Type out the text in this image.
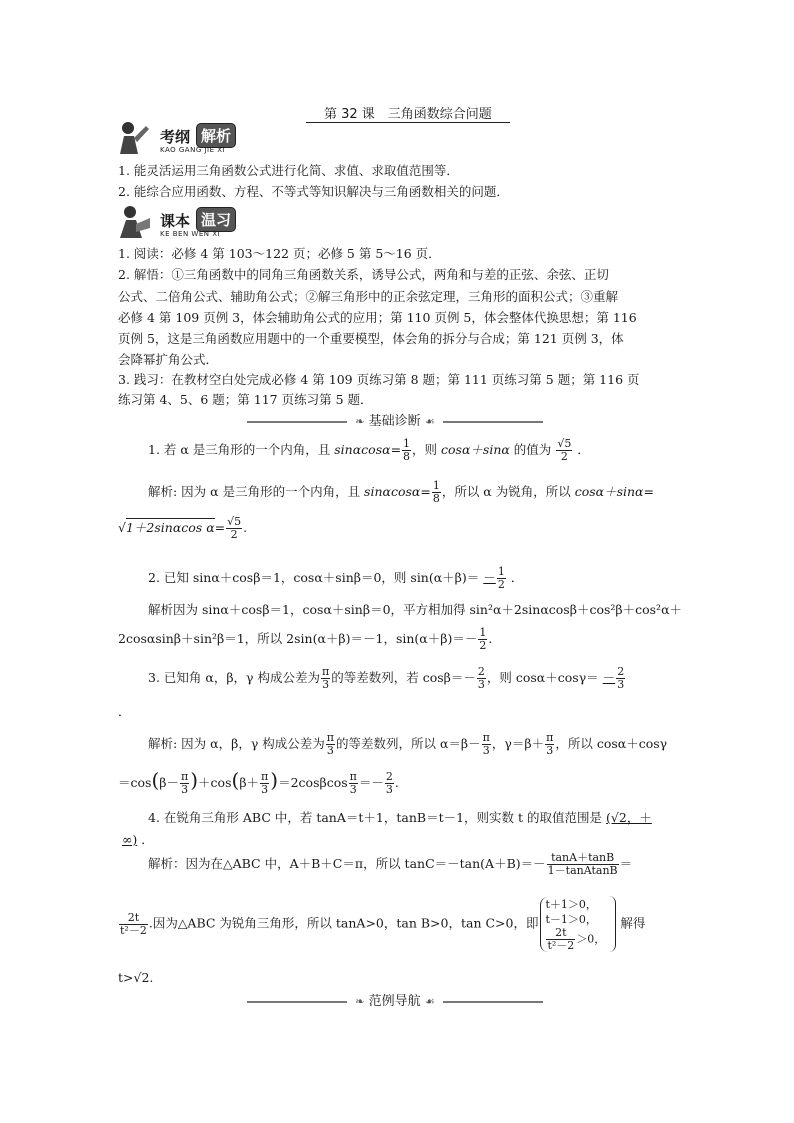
第 32 课　三角函数综合问题
考纲 解析
KAO GANG JIE XI

1. 能灵活运用三角函数公式进行化简、求值、求取值范围等．

2. 能综合应用函数、方程、不等式等知识解决与三角函数相关的问题．

课本 温习
KE BEN WEN XI

1. 阅读：必修 4 第 103～122 页；必修 5 第 5～16 页．

2. 解悟：①三角函数中的同角三角函数关系，诱导公式，两角和与差的正弦、余弦、正切

公式、二倍角公式、辅助角公式；②解三角形中的正余弦定理，三角形的面积公式；③重解

必修 4 第 109 页例 3，体会辅助角公式的应用；第 110 页例 5，体会整体代换思想；第 116

页例 5，这是三角函数应用题中的一个重要模型，体会角的拆分与合成；第 121 页例 3，体

会降幂扩角公式．

3. 践习：在教材空白处完成必修 4 第 109 页练习第 8 题；第 111 页练习第 5 题；第 116 页

练习第 4、5、6 题；第 117 页练习第 5 题．

❧ 基础诊断 ☙

1. 若 α 是三角形的一个内角，且 $\sin\alpha\cos\alpha= \frac{1}{8}$ ，则 cosα＋sinα 的值为 $\frac{√5}{2}$ ．

解析: 因为 α 是三角形的一个内角，且 $\sin\alpha\cos\alpha= \frac{1}{8}$ ，所以 α 为锐角，所以 cosα＋sinα=

√1＋2sinαcos $\alpha= \frac{√5}{2}$ .

2. 已知 sinα＋cosβ＝1，cosα＋sinβ＝0，则 $\sin(\alpha+\beta)= - \frac{1}{2}$ ．

解析因为 sinα＋cosβ＝1，cosα＋sinβ＝0，平方相加得 sin²α＋2sinαcosβ＋cos²β＋cos²α＋

2cosαsinβ＋sin²β＝1，所以 2sin(α＋β)＝－1，$\sin(\alpha+\beta)=- \frac{1}{2}$ .

3. 已知角 α，β，γ 构成公差为 $\frac{\pi}{3}$ 的等差数列，若 $\cos\beta=- \frac{2}{3}$ ，则 $\cos\alpha+\cos\gamma= - \frac{2}{3}$

．

解析: 因为 α，β，γ 构成公差为 $\frac{\pi}{3}$ 的等差数列，所以 $\alpha=\beta- \frac{\pi}{3}$ ，$\gamma=\beta+ \frac{\pi}{3}$ ，所以 cosα＋cosγ

$=\cos(\beta- \frac{\pi}{3} )+\cos(\beta+ \frac{\pi}{3} )=2\cos\beta\cos \frac{\pi}{3} =- \frac{2}{3}$ .

4. 在锐角三角形 ABC 中，若 tanA＝t＋1，tanB＝t－1，则实数 t 的取值范围是 (√2，＋

∞) ．

解析：因为在△ABC 中，A＋B＋C＝π，所以 $\tan C=-\tan(A+B)=- \frac{\tan A+\tan B}{\text{1－tanAtanB}}$ ＝

$\frac{2t}{\text{t²－2}}$ .因为△ABC 为锐角三角形，所以 tanA>0，tan B>0，tan C>0，即
t＋1＞0，
t－1＞0，
$\frac{2t}{\text{t²－2}} >0$，
解得

t>√2.

❧ 范例导航 ☙
